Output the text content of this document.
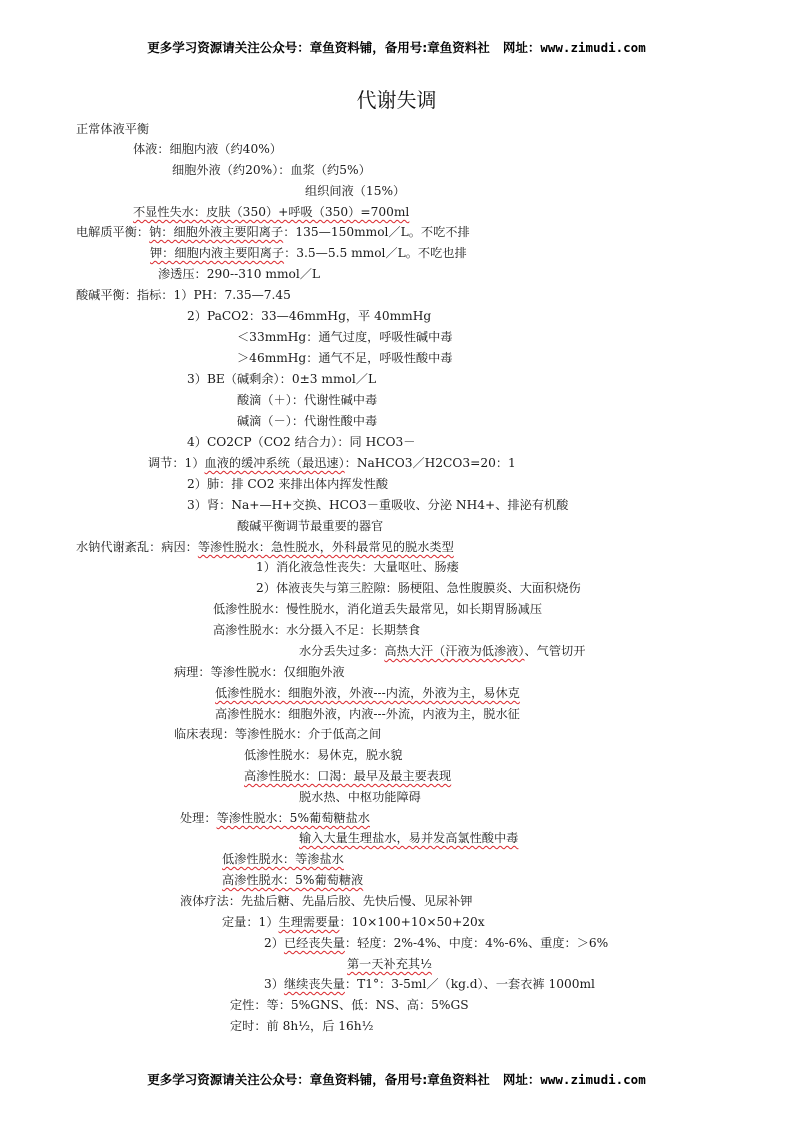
更多学习资源请关注公众号：章鱼资料铺，备用号:章鱼资料社 网址：www.zimudi.com
代谢失调
正常体液平衡
体液：细胞内液（约40%）
细胞外液（约20%）：血浆（约5%）
组织间液（15%）
不显性失水：皮肤（350）+呼吸（350）=700ml
电解质平衡：钠：细胞外液主要阳离子：135—150mmol／L。不吃不排
钾：细胞内液主要阳离子：3.5—5.5 mmol／L。不吃也排
渗透压：290--310 mmol／L
酸碱平衡：指标：1）PH：7.35—7.45
2）PaCO2：33—46mmHg，平 40mmHg
＜33mmHg：通气过度，呼吸性碱中毒
＞46mmHg：通气不足，呼吸性酸中毒
3）BE（碱剩余）：0±3 mmol／L
酸滴（＋）：代谢性碱中毒
碱滴（－）：代谢性酸中毒
4）CO2CP（CO2 结合力）：同 HCO3－
调节：1）血液的缓冲系统（最迅速）：NaHCO3／H2CO3=20：1
2）肺：排 CO2 来排出体内挥发性酸
3）肾：Na+—H+交换、HCO3－重吸收、分泌 NH4+、排泌有机酸
酸碱平衡调节最重要的器官
水钠代谢紊乱：病因：等渗性脱水：急性脱水，外科最常见的脱水类型
1）消化液急性丧失：大量呕吐、肠瘘
2）体液丧失与第三腔隙：肠梗阻、急性腹膜炎、大面积烧伤
低渗性脱水：慢性脱水，消化道丢失最常见，如长期胃肠减压
高渗性脱水：水分摄入不足：长期禁食
水分丢失过多：高热大汗（汗液为低渗液）、气管切开
病理：等渗性脱水：仅细胞外液
低渗性脱水：细胞外液，外液---内流，外液为主，易休克
高渗性脱水：细胞外液，内液---外流，内液为主，脱水征
临床表现：等渗性脱水：介于低高之间
低渗性脱水：易休克，脱水貌
高渗性脱水：口渴：最早及最主要表现
脱水热、中枢功能障碍
处理：等渗性脱水：5%葡萄糖盐水
输入大量生理盐水，易并发高氯性酸中毒
低渗性脱水：等渗盐水
高渗性脱水：5%葡萄糖液
液体疗法：先盐后糖、先晶后胶、先快后慢、见尿补钾
定量：1）生理需要量：10×100+10×50+20x
2）已经丧失量：轻度：2%-4%、中度：4%-6%、重度：＞6%
第一天补充其½
3）继续丧失量：T1°：3-5ml／（kg.d）、一套衣裤 1000ml
定性：等：5%GNS、低：NS、高：5%GS
定时：前 8h½，后 16h½
更多学习资源请关注公众号：章鱼资料铺，备用号:章鱼资料社 网址：www.zimudi.com
